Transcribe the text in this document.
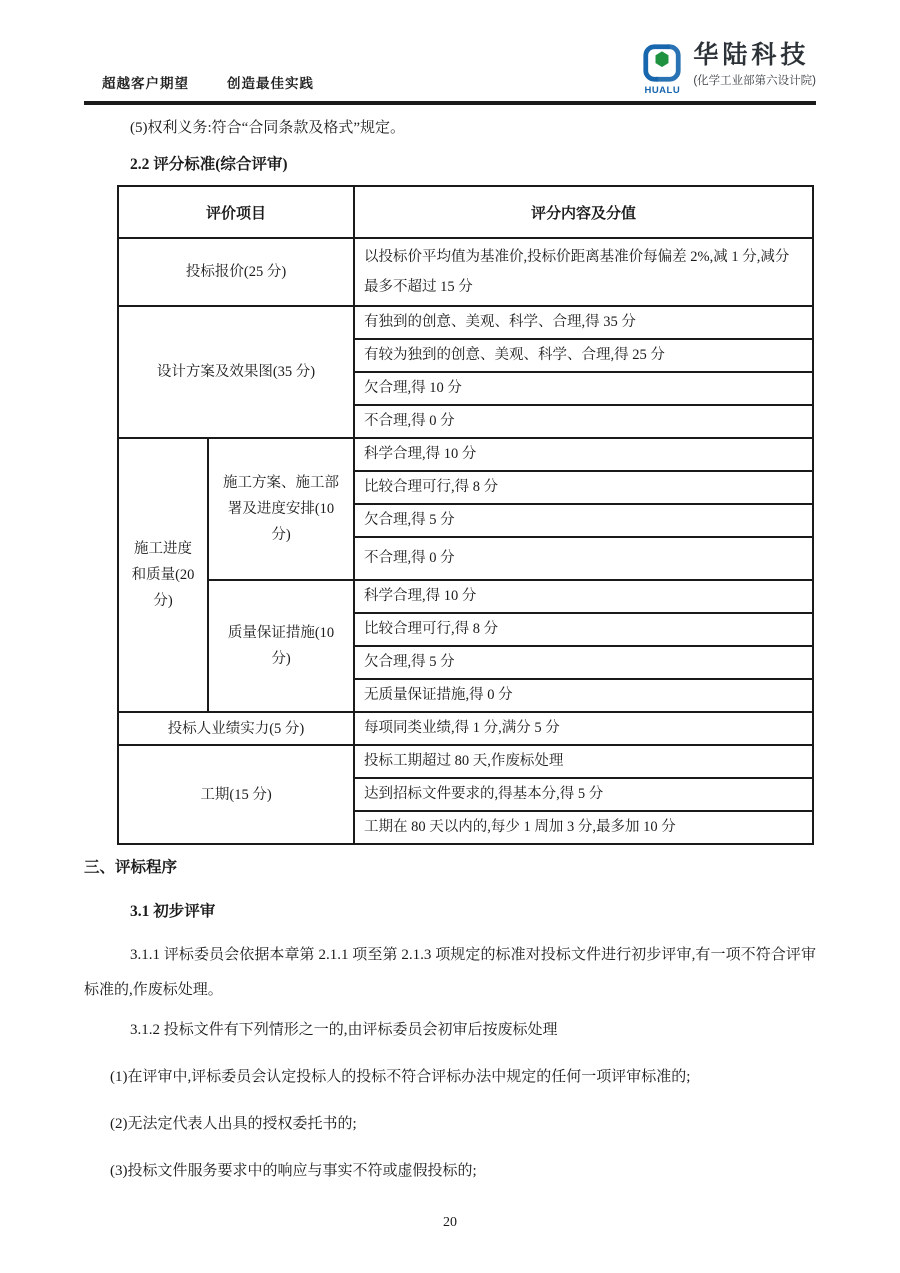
超越客户期望	创造最佳实践	HUALU
华陆科技
(化学工业部第六设计院)

(5)权利义务:符合“合同条款及格式”规定。

2.2 评分标准(综合评审)

评价项目		评分内容及分值
投标报价(25 分)		以投标价平均值为基准价,投标价距离基准价每偏差 2%,减 1 分,减分最多不超过 15 分
设计方案及效果图(35 分)		有独到的创意、美观、科学、合理,得 35 分
		有较为独到的创意、美观、科学、合理,得 25 分
		欠合理,得 10 分
		不合理,得 0 分
施工进度和质量(20 分)	施工方案、施工部署及进度安排(10 分)	科学合理,得 10 分
		比较合理可行,得 8 分
		欠合理,得 5 分
		不合理,得 0 分
	质量保证措施(10 分)	科学合理,得 10 分
		比较合理可行,得 8 分
		欠合理,得 5 分
		无质量保证措施,得 0 分
投标人业绩实力(5 分)		每项同类业绩,得 1 分,满分 5 分
工期(15 分)		投标工期超过 80 天,作废标处理
		达到招标文件要求的,得基本分,得 5 分
		工期在 80 天以内的,每少 1 周加 3 分,最多加 10 分

三、评标程序

3.1 初步评审

3.1.1 评标委员会依据本章第 2.1.1 项至第 2.1.3 项规定的标准对投标文件进行初步评审,有一项不符合评审标准的,作废标处理。

3.1.2 投标文件有下列情形之一的,由评标委员会初审后按废标处理

(1)在评审中,评标委员会认定投标人的投标不符合评标办法中规定的任何一项评审标准的;

(2)无法定代表人出具的授权委托书的;

(3)投标文件服务要求中的响应与事实不符或虚假投标的;

20
